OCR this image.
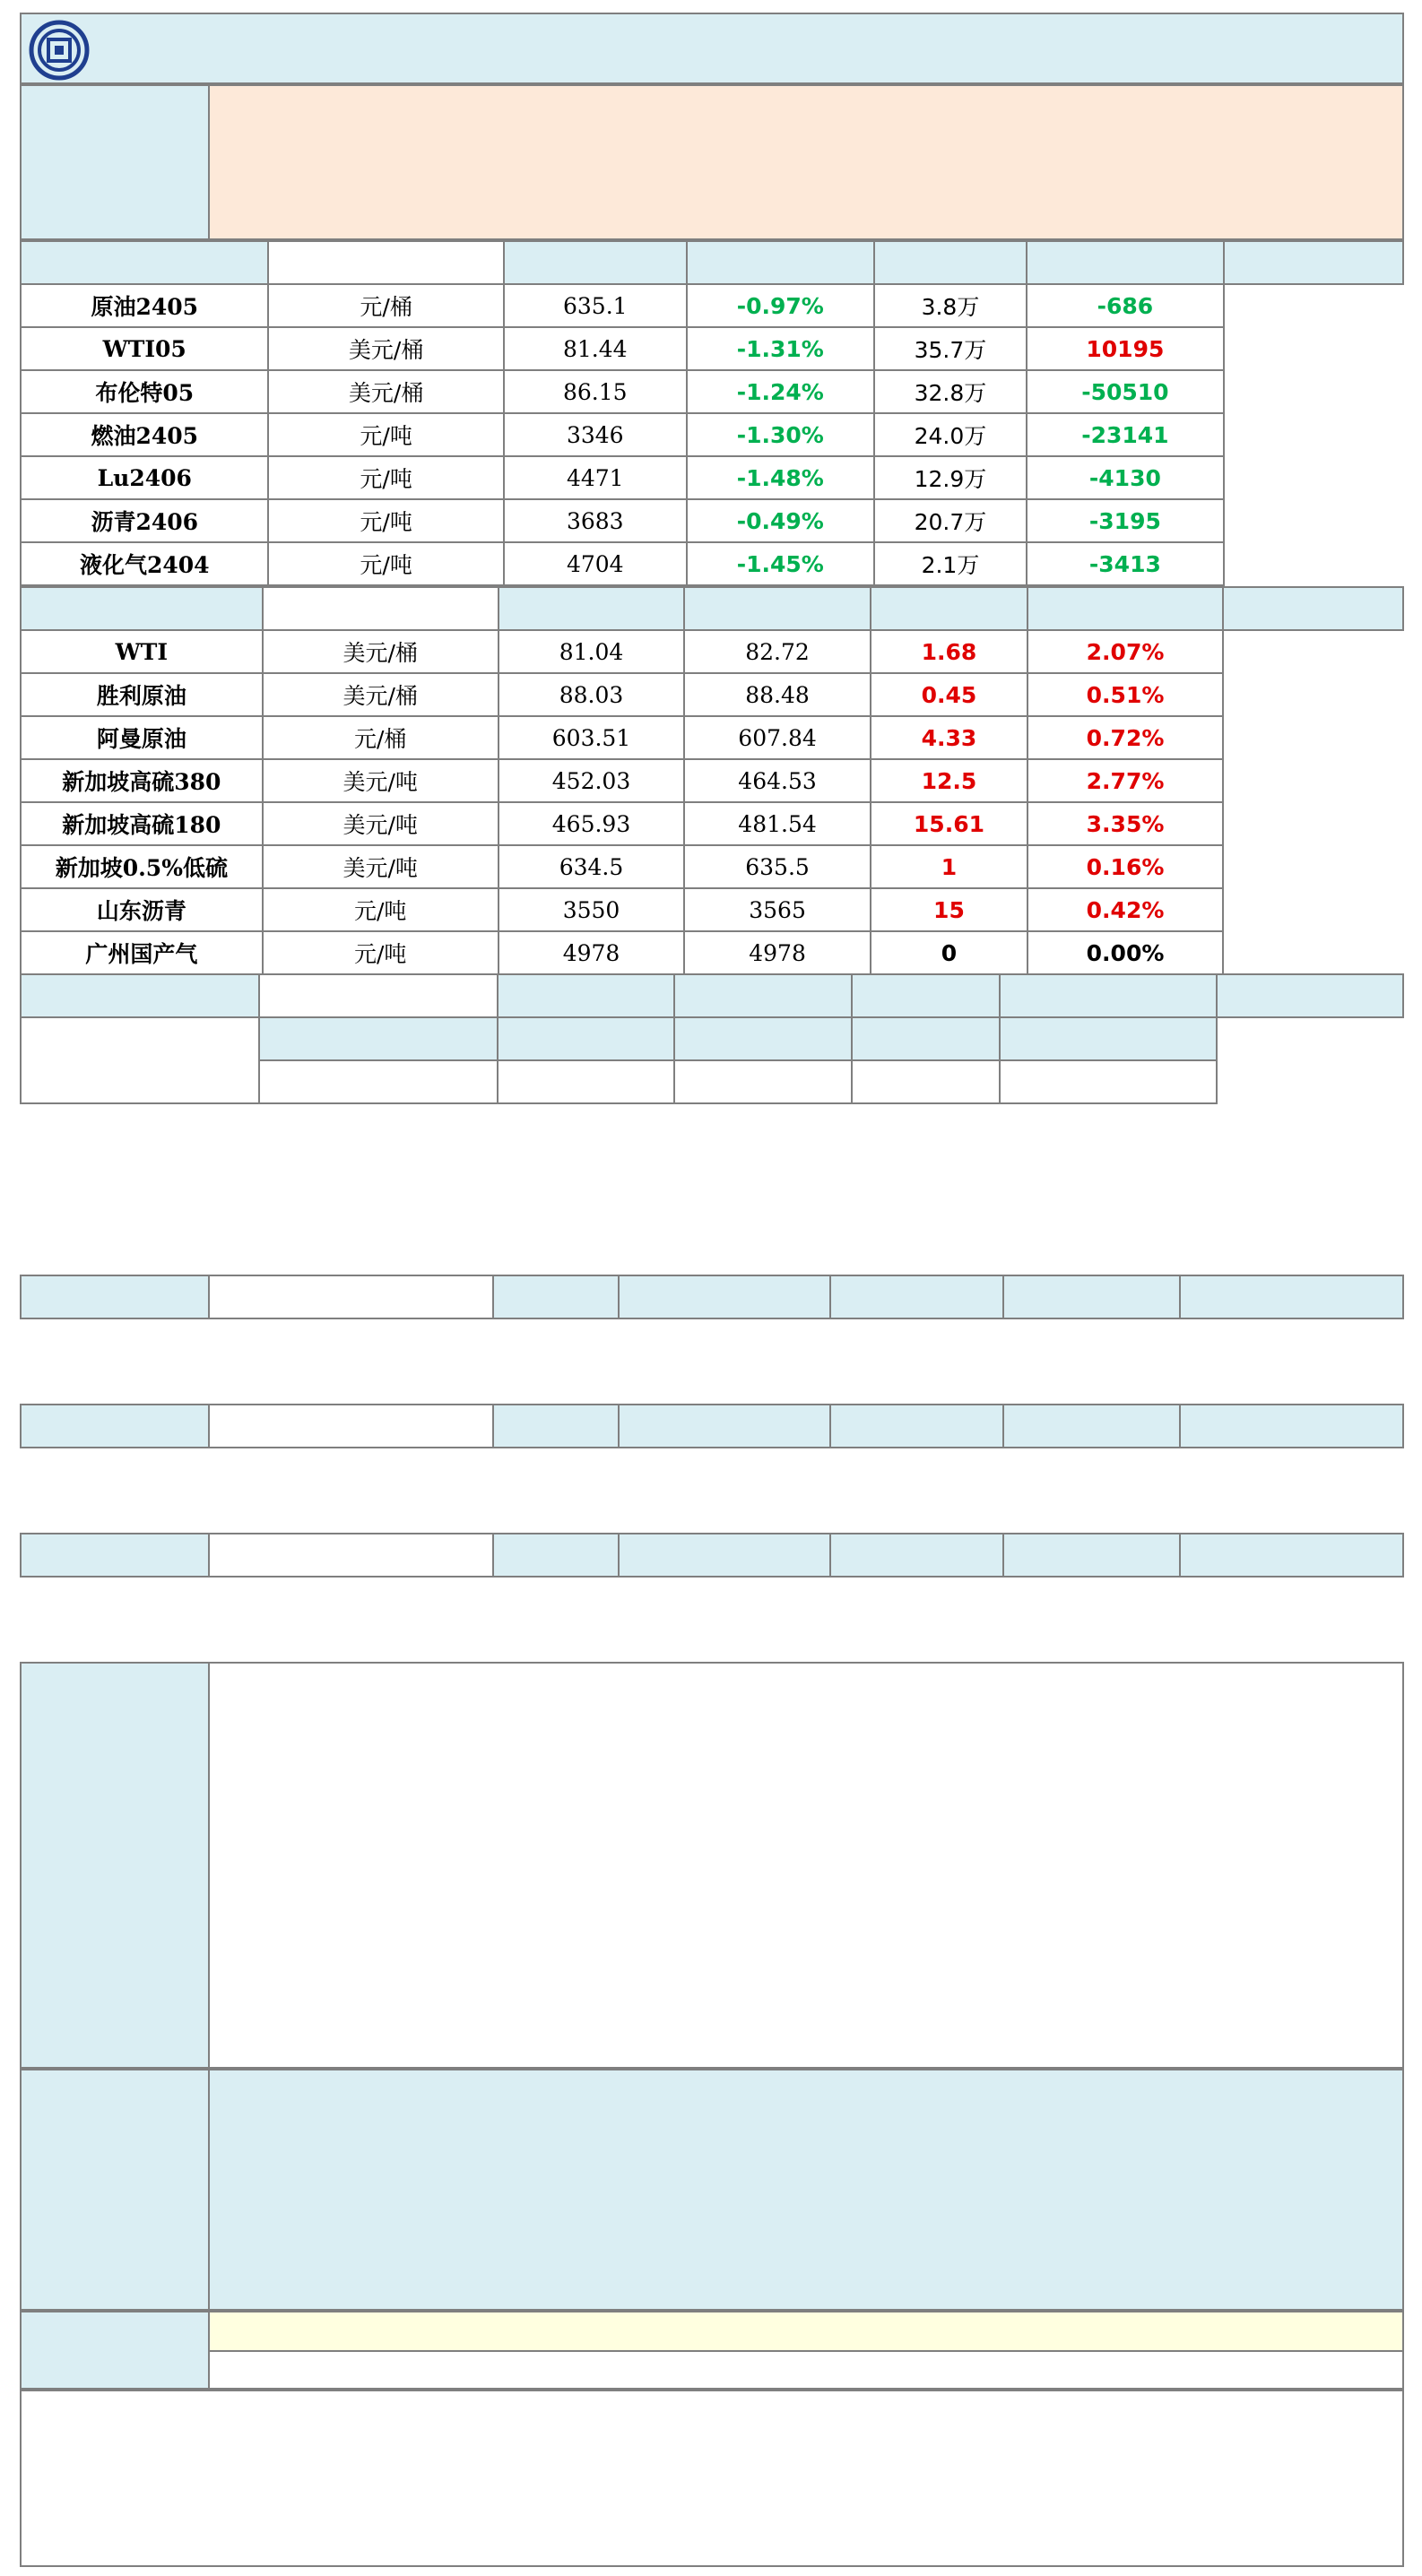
原油2405	元/桶	635.1	-0.97%	3.8万	-686	
WTI05	美元/桶	81.44	-1.31%	35.7万	10195	
布伦特05	美元/桶	86.15	-1.24%	32.8万	-50510	
燃油2405	元/吨	3346	-1.30%	24.0万	-23141	
Lu2406	元/吨	4471	-1.48%	12.9万	-4130	
沥青2406	元/吨	3683	-0.49%	20.7万	-3195	
液化气2404	元/吨	4704	-1.45%	2.1万	-3413	

WTI	美元/桶	81.04	82.72	1.68	2.07%	
胜利原油	美元/桶	88.03	88.48	0.45	0.51%	
阿曼原油	元/桶	603.51	607.84	4.33	0.72%	
新加坡高硫380	美元/吨	452.03	464.53	12.5	2.77%	
新加坡高硫180	美元/吨	465.93	481.54	15.61	3.35%	
新加坡0.5%低硫	美元/吨	634.5	635.5	1	0.16%	
山东沥青	元/吨	3550	3565	15	0.42%	
广州国产气	元/吨	4978	4978	0	0.00%	
